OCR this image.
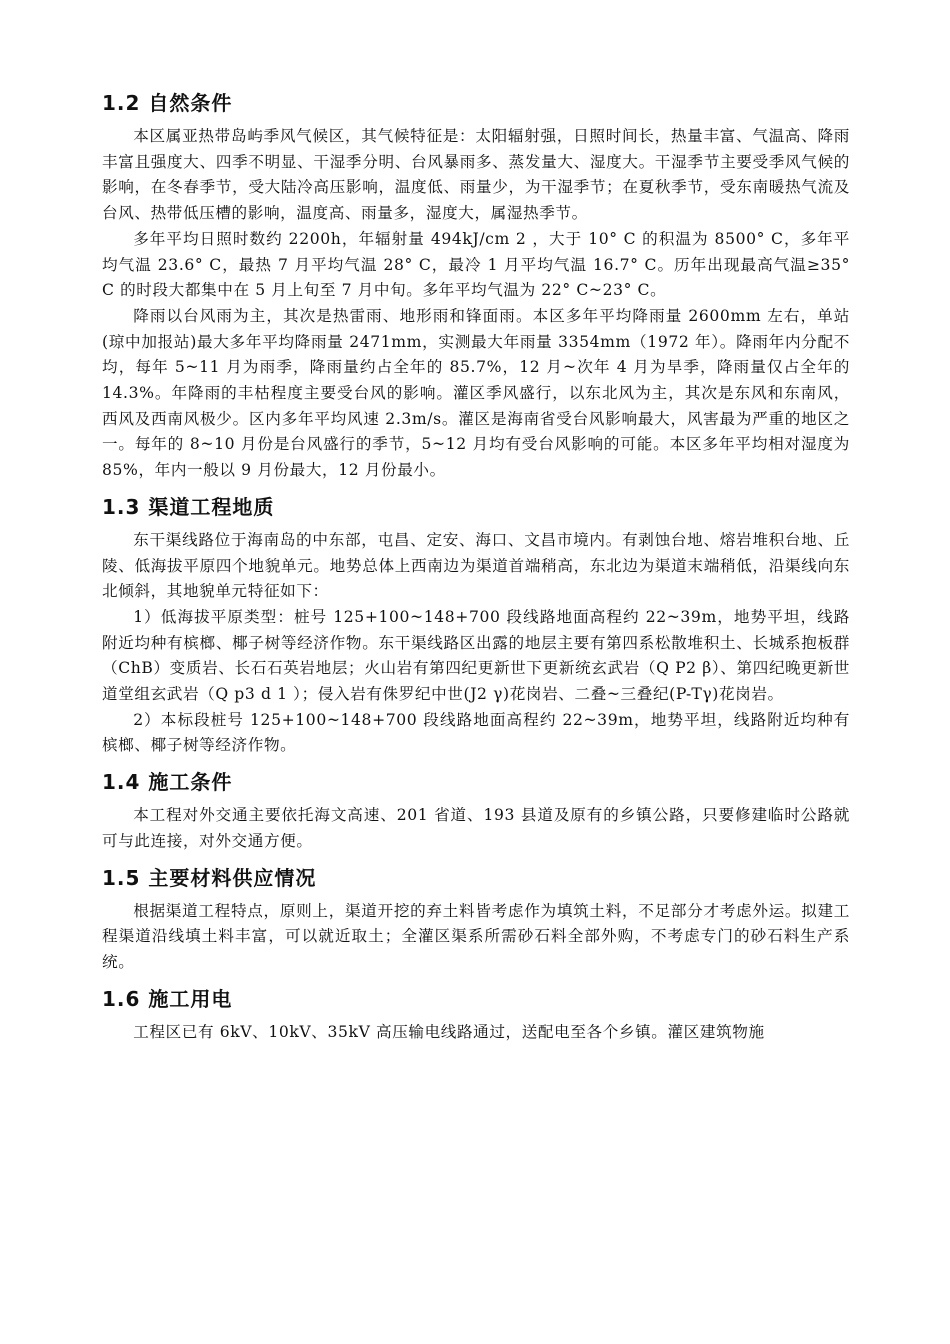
1.2 自然条件

本区属亚热带岛屿季风气候区，其气候特征是：太阳辐射强，日照时间长，热量丰富、气温高、降雨丰富且强度大、四季不明显、干湿季分明、台风暴雨多、蒸发量大、湿度大。干湿季节主要受季风气候的影响，在冬春季节，受大陆冷高压影响，温度低、雨量少，为干湿季节；在夏秋季节，受东南暖热气流及台风、热带低压槽的影响，温度高、雨量多，湿度大，属湿热季节。

多年平均日照时数约 2200h，年辐射量 494kJ/cm 2 ，大于 10° C 的积温为 8500° C，多年平均气温 23.6° C，最热 7 月平均气温 28° C，最冷 1 月平均气温 16.7° C。历年出现最高气温≥35° C 的时段大都集中在 5 月上旬至 7 月中旬。多年平均气温为 22° C~23° C。

降雨以台风雨为主，其次是热雷雨、地形雨和锋面雨。本区多年平均降雨量 2600mm 左右，单站(琼中加报站)最大多年平均降雨量 2471mm，实测最大年雨量 3354mm（1972 年）。降雨年内分配不均，每年 5~11 月为雨季，降雨量约占全年的 85.7%，12 月~次年 4 月为旱季，降雨量仅占全年的 14.3%。年降雨的丰枯程度主要受台风的影响。灌区季风盛行，以东北风为主，其次是东风和东南风，西风及西南风极少。区内多年平均风速 2.3m/s。灌区是海南省受台风影响最大，风害最为严重的地区之一。每年的 8~10 月份是台风盛行的季节，5~12 月均有受台风影响的可能。本区多年平均相对湿度为 85%，年内一般以 9 月份最大，12 月份最小。

1.3 渠道工程地质

东干渠线路位于海南岛的中东部，屯昌、定安、海口、文昌市境内。有剥蚀台地、熔岩堆积台地、丘陵、低海拔平原四个地貌单元。地势总体上西南边为渠道首端稍高，东北边为渠道末端稍低，沿渠线向东北倾斜，其地貌单元特征如下：

1）低海拔平原类型：桩号 125+100~148+700 段线路地面高程约 22~39m，地势平坦，线路附近均种有槟榔、椰子树等经济作物。东干渠线路区出露的地层主要有第四系松散堆积土、长城系抱板群（ChB）变质岩、长石石英岩地层；火山岩有第四纪更新世下更新统玄武岩（Q P2 β）、第四纪晚更新世道堂组玄武岩（Q p3 d 1 ）；侵入岩有侏罗纪中世(J2 γ)花岗岩、二叠~三叠纪(P-Tγ)花岗岩。

2）本标段桩号 125+100~148+700 段线路地面高程约 22~39m，地势平坦，线路附近均种有槟榔、椰子树等经济作物。

1.4 施工条件

本工程对外交通主要依托海文高速、201 省道、193 县道及原有的乡镇公路，只要修建临时公路就可与此连接，对外交通方便。

1.5 主要材料供应情况

根据渠道工程特点，原则上，渠道开挖的弃土料皆考虑作为填筑土料，不足部分才考虑外运。拟建工程渠道沿线填土料丰富，可以就近取土；全灌区渠系所需砂石料全部外购，不考虑专门的砂石料生产系统。

1.6 施工用电

工程区已有 6kV、10kV、35kV 高压输电线路通过，送配电至各个乡镇。灌区建筑物施
